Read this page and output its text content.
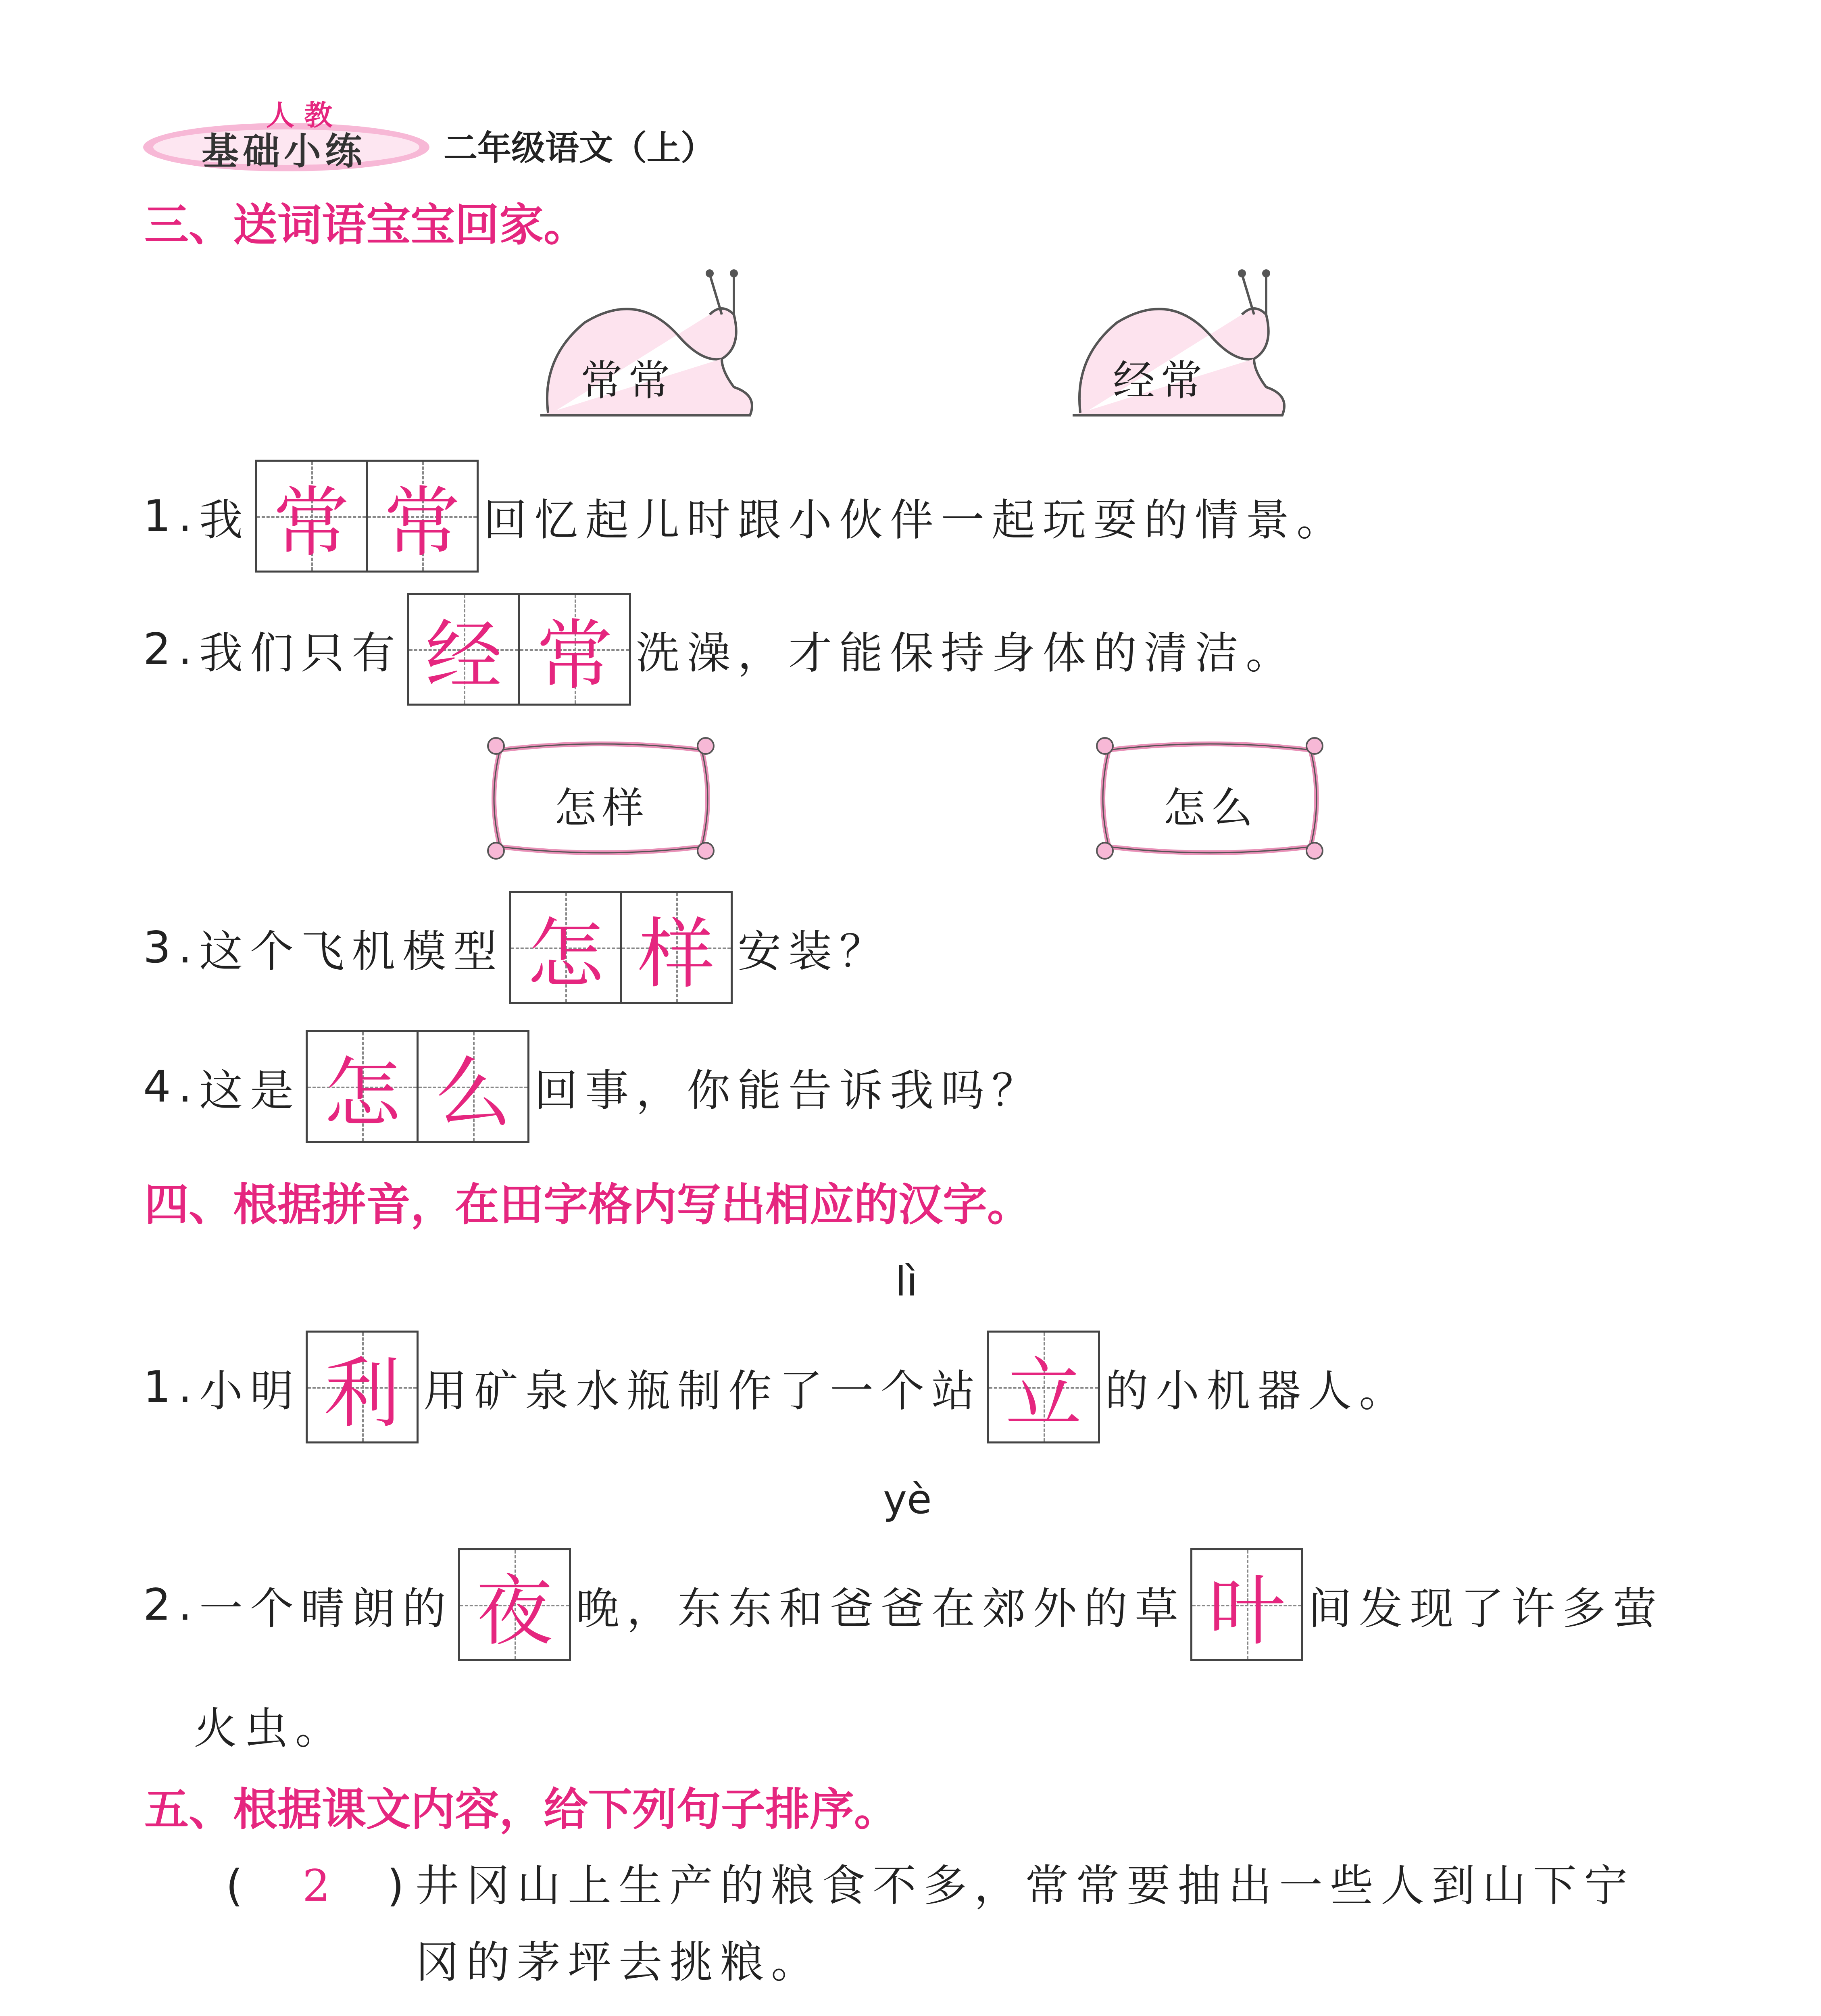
人 教
基础小练 二年级语文（上）
三、送词语宝宝回家。
常常	经常
1. 我 常 常 回忆起儿时跟小伙伴一起玩耍的情景。
2. 我们只有 经 常 洗澡，才能保持身体的清洁。
怎样	怎么
3. 这个飞机模型 怎 样 安装？
4. 这是 怎 么 回事，你能告诉我吗？
四、根据拼音，在田字格内写出相应的汉字。
lì
1. 小明 利 用矿泉水瓶制作了一个站 立 的小机器人。
yè
2. 一个晴朗的 夜 晚，东东和爸爸在郊外的草 叶 间发现了许多萤
火虫。
五、根据课文内容，给下列句子排序。
( 2 ) 井冈山上生产的粮食不多，常常要抽出一些人到山下宁
冈的茅坪去挑粮。
